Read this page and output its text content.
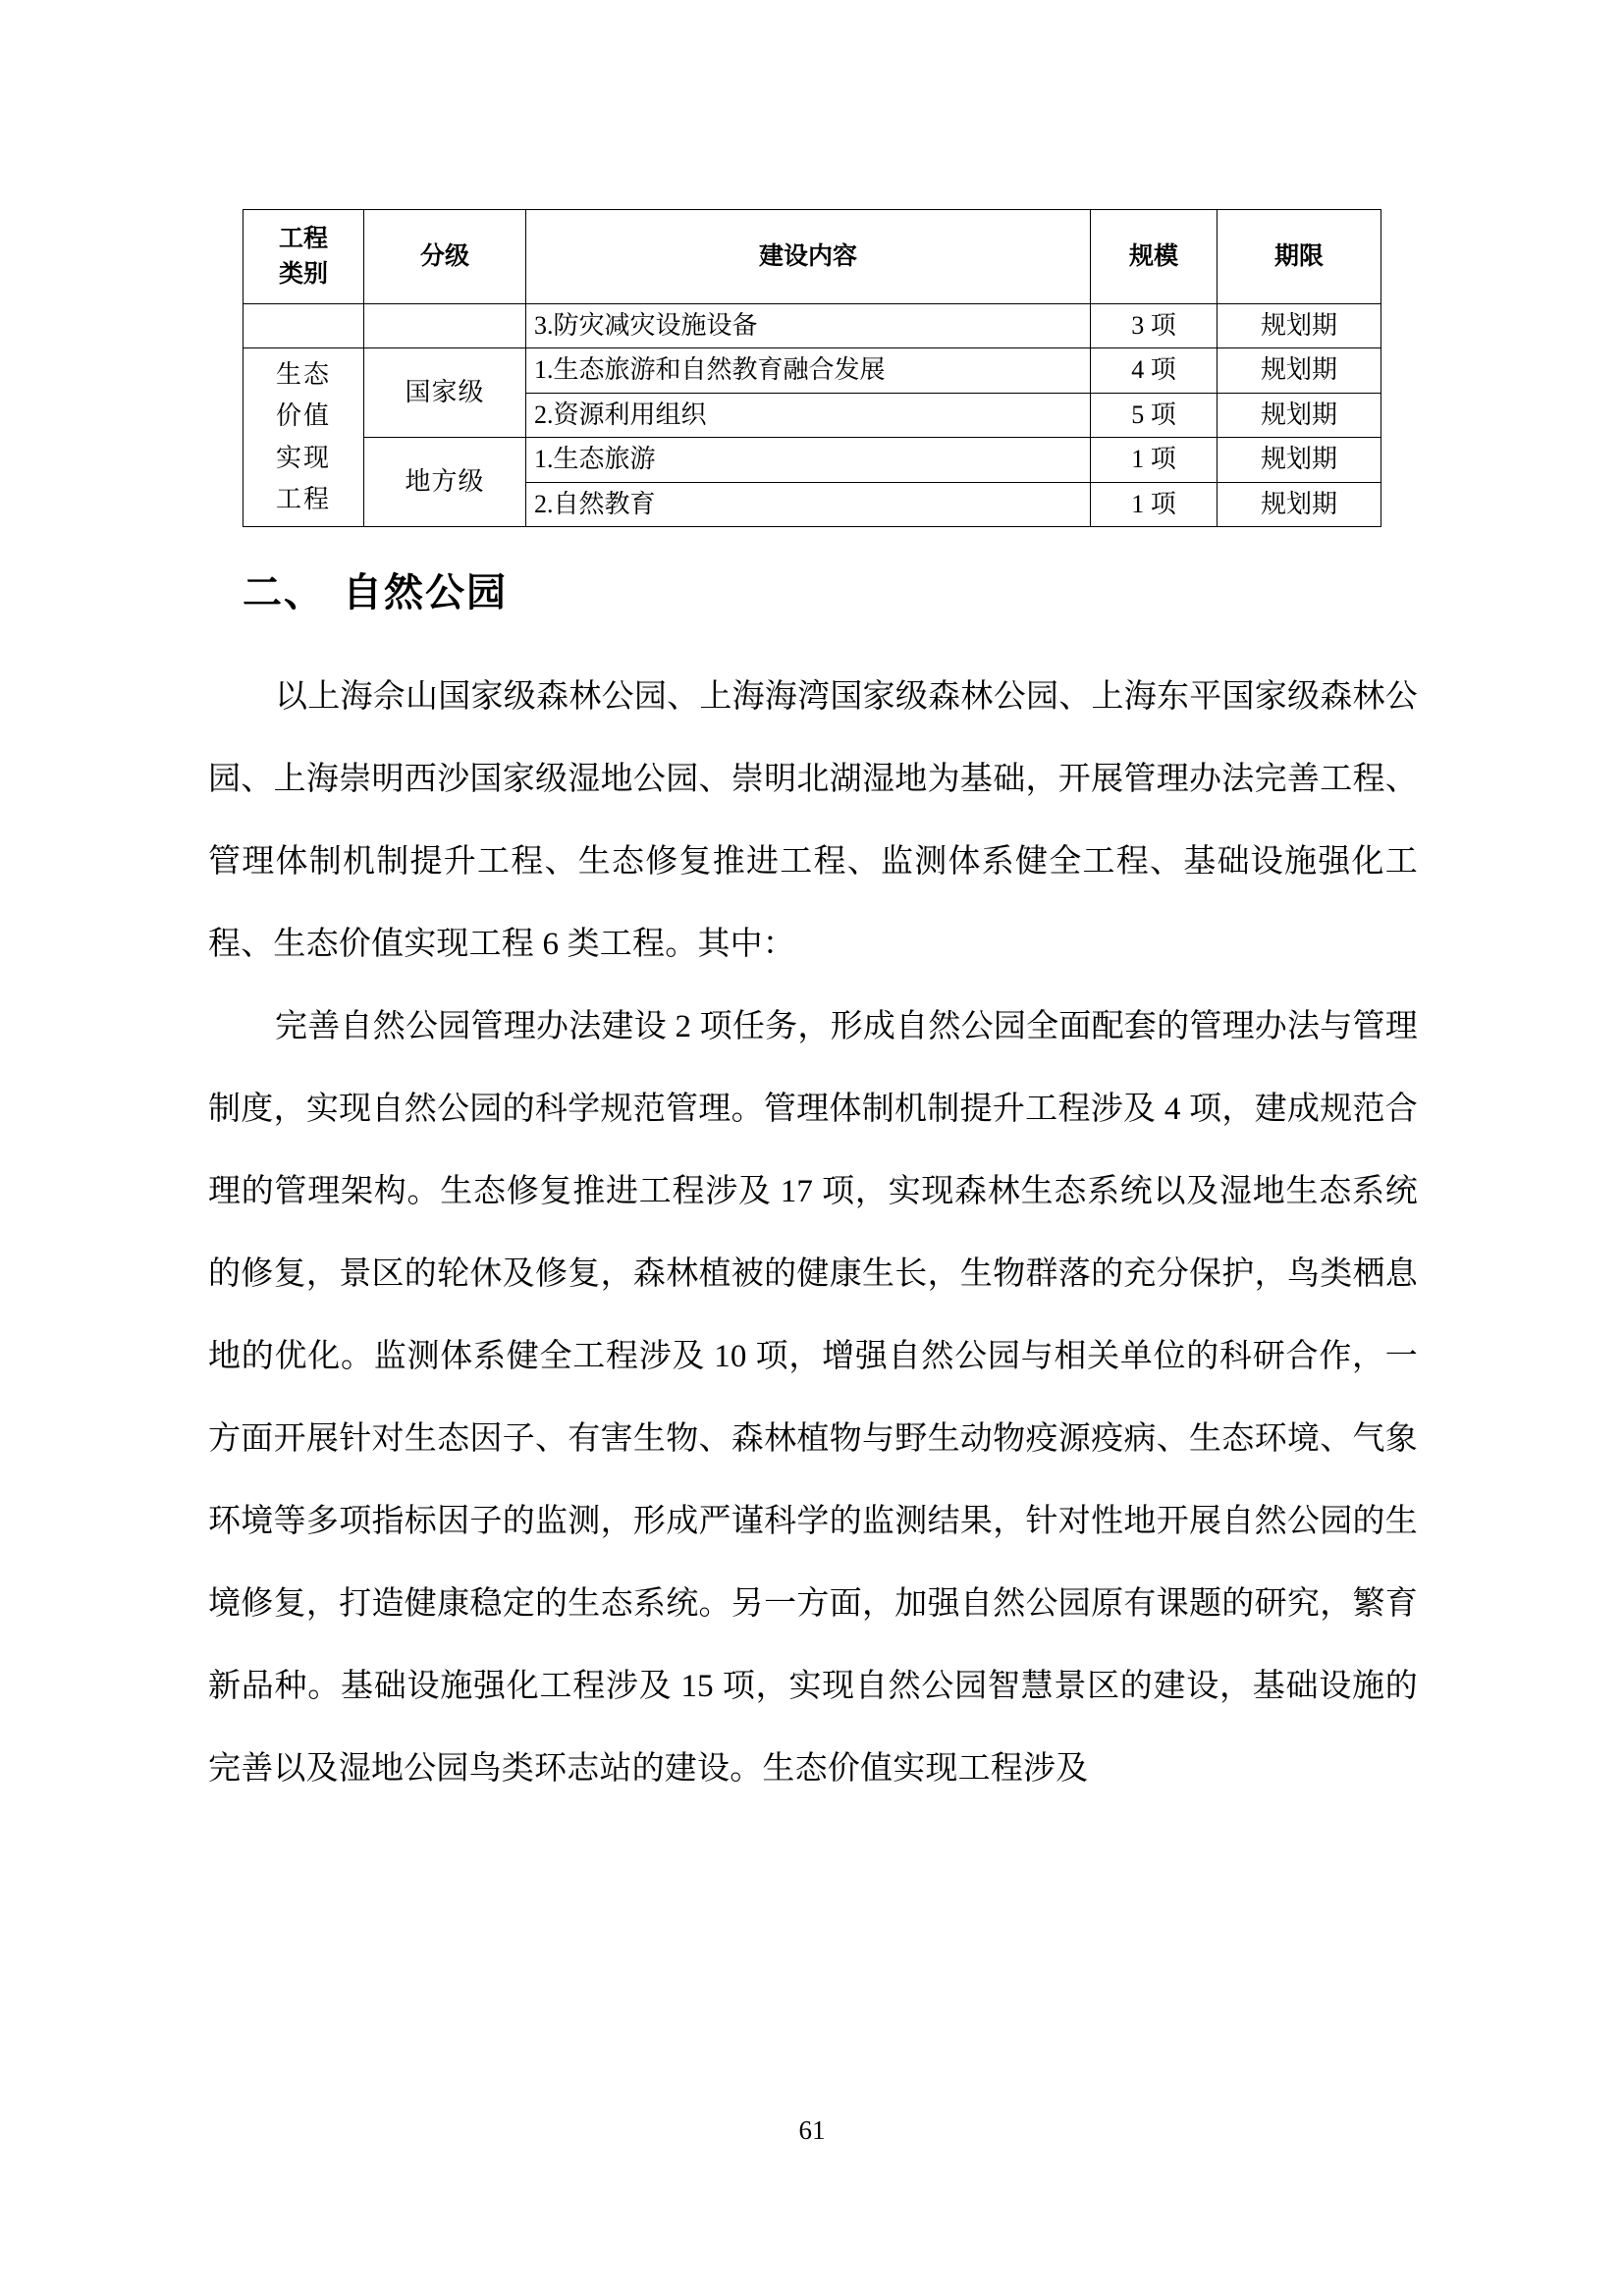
工程
类别	分级	建设内容	规模	期限
		3.防灾减灾设施设备	3 项	规划期

生态
价值
实现
工程	国家级	1.生态旅游和自然教育融合发展	4 项	规划期
		2.资源利用组织	5 项	规划期
	地方级	1.生态旅游	1 项	规划期
		2.自然教育	1 项	规划期
二、 自然公园

以上海佘山国家级森林公园、上海海湾国家级森林公园、上海东平国家级森林公园、上海崇明西沙国家级湿地公园、崇明北湖湿地为基础，开展管理办法完善工程、管理体制机制提升工程、生态修复推进工程、监测体系健全工程、基础设施强化工程、生态价值实现工程 6 类工程。其中：

完善自然公园管理办法建设 2 项任务，形成自然公园全面配套的管理办法与管理制度，实现自然公园的科学规范管理。管理体制机制提升工程涉及 4 项，建成规范合理的管理架构。生态修复推进工程涉及 17 项，实现森林生态系统以及湿地生态系统的修复，景区的轮休及修复，森林植被的健康生长，生物群落的充分保护，鸟类栖息地的优化。监测体系健全工程涉及 10 项，增强自然公园与相关单位的科研合作，一方面开展针对生态因子、有害生物、森林植物与野生动物疫源疫病、生态环境、气象环境等多项指标因子的监测，形成严谨科学的监测结果，针对性地开展自然公园的生境修复，打造健康稳定的生态系统。另一方面，加强自然公园原有课题的研究，繁育新品种。基础设施强化工程涉及 15 项，实现自然公园智慧景区的建设，基础设施的完善以及湿地公园鸟类环志站的建设。生态价值实现工程涉及

61
